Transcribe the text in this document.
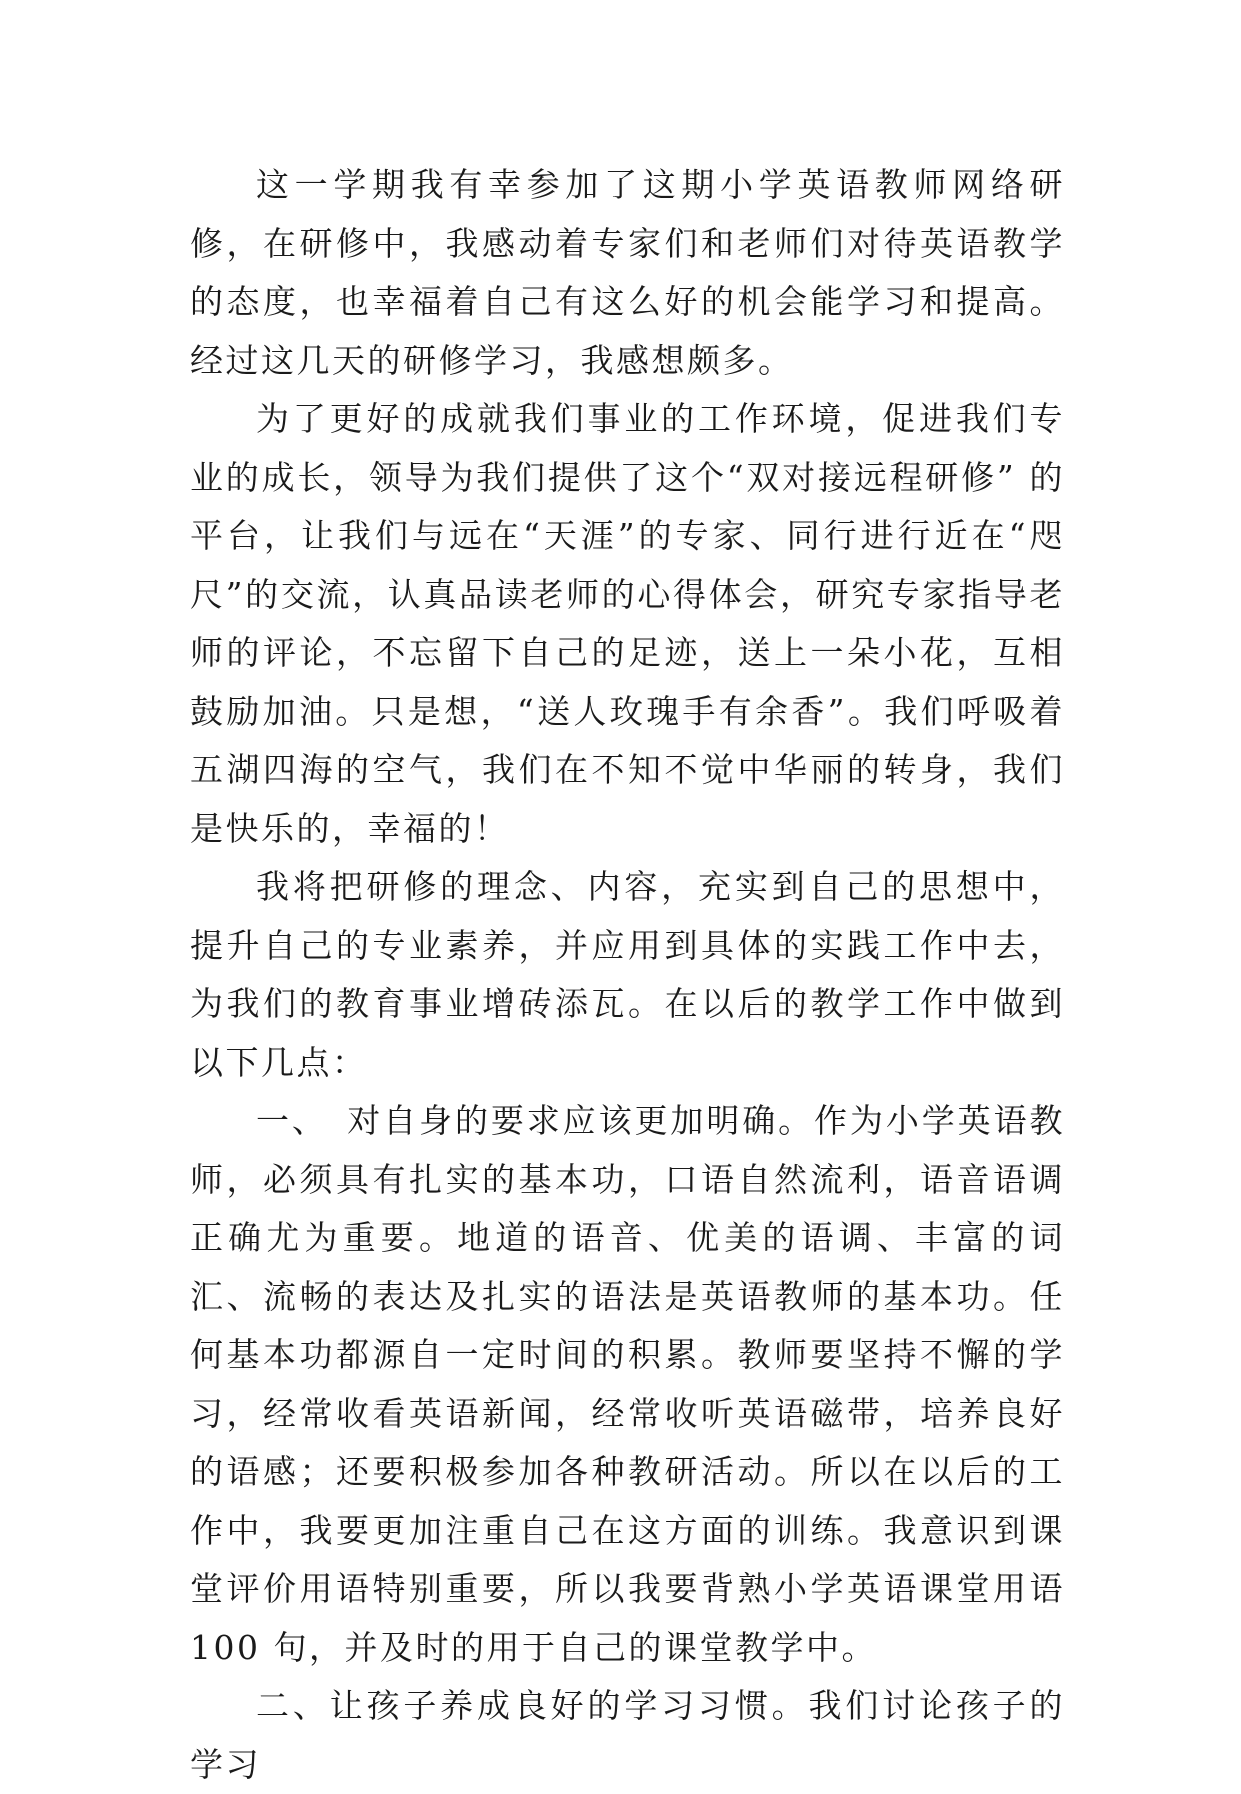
这一学期我有幸参加了这期小学英语教师网络研修，在研修中，我感动着专家们和老师们对待英语教学的态度，也幸福着自己有这么好的机会能学习和提高。经过这几天的研修学习，我感想颇多。

为了更好的成就我们事业的工作环境，促进我们专业的成长，领导为我们提供了这个“双对接远程研修” 的平台，让我们与远在“天涯”的专家、同行进行近在“咫尺”的交流，认真品读老师的心得体会，研究专家指导老师的评论，不忘留下自己的足迹，送上一朵小花，互相鼓励加油。只是想，“送人玫瑰手有余香”。我们呼吸着五湖四海的空气，我们在不知不觉中华丽的转身，我们是快乐的，幸福的！

我将把研修的理念、内容，充实到自己的思想中，提升自己的专业素养，并应用到具体的实践工作中去，为我们的教育事业增砖添瓦。在以后的教学工作中做到以下几点：

一、　对自身的要求应该更加明确。作为小学英语教师，必须具有扎实的基本功，口语自然流利，语音语调正确尤为重要。地道的语音、优美的语调、丰富的词汇、流畅的表达及扎实的语法是英语教师的基本功。任何基本功都源自一定时间的积累。教师要坚持不懈的学习，经常收看英语新闻，经常收听英语磁带，培养良好的语感；还要积极参加各种教研活动。所以在以后的工作中，我要更加注重自己在这方面的训练。我意识到课堂评价用语特别重要，所以我要背熟小学英语课堂用语 100 句，并及时的用于自己的课堂教学中。

二、让孩子养成良好的学习习惯。我们讨论孩子的学习
